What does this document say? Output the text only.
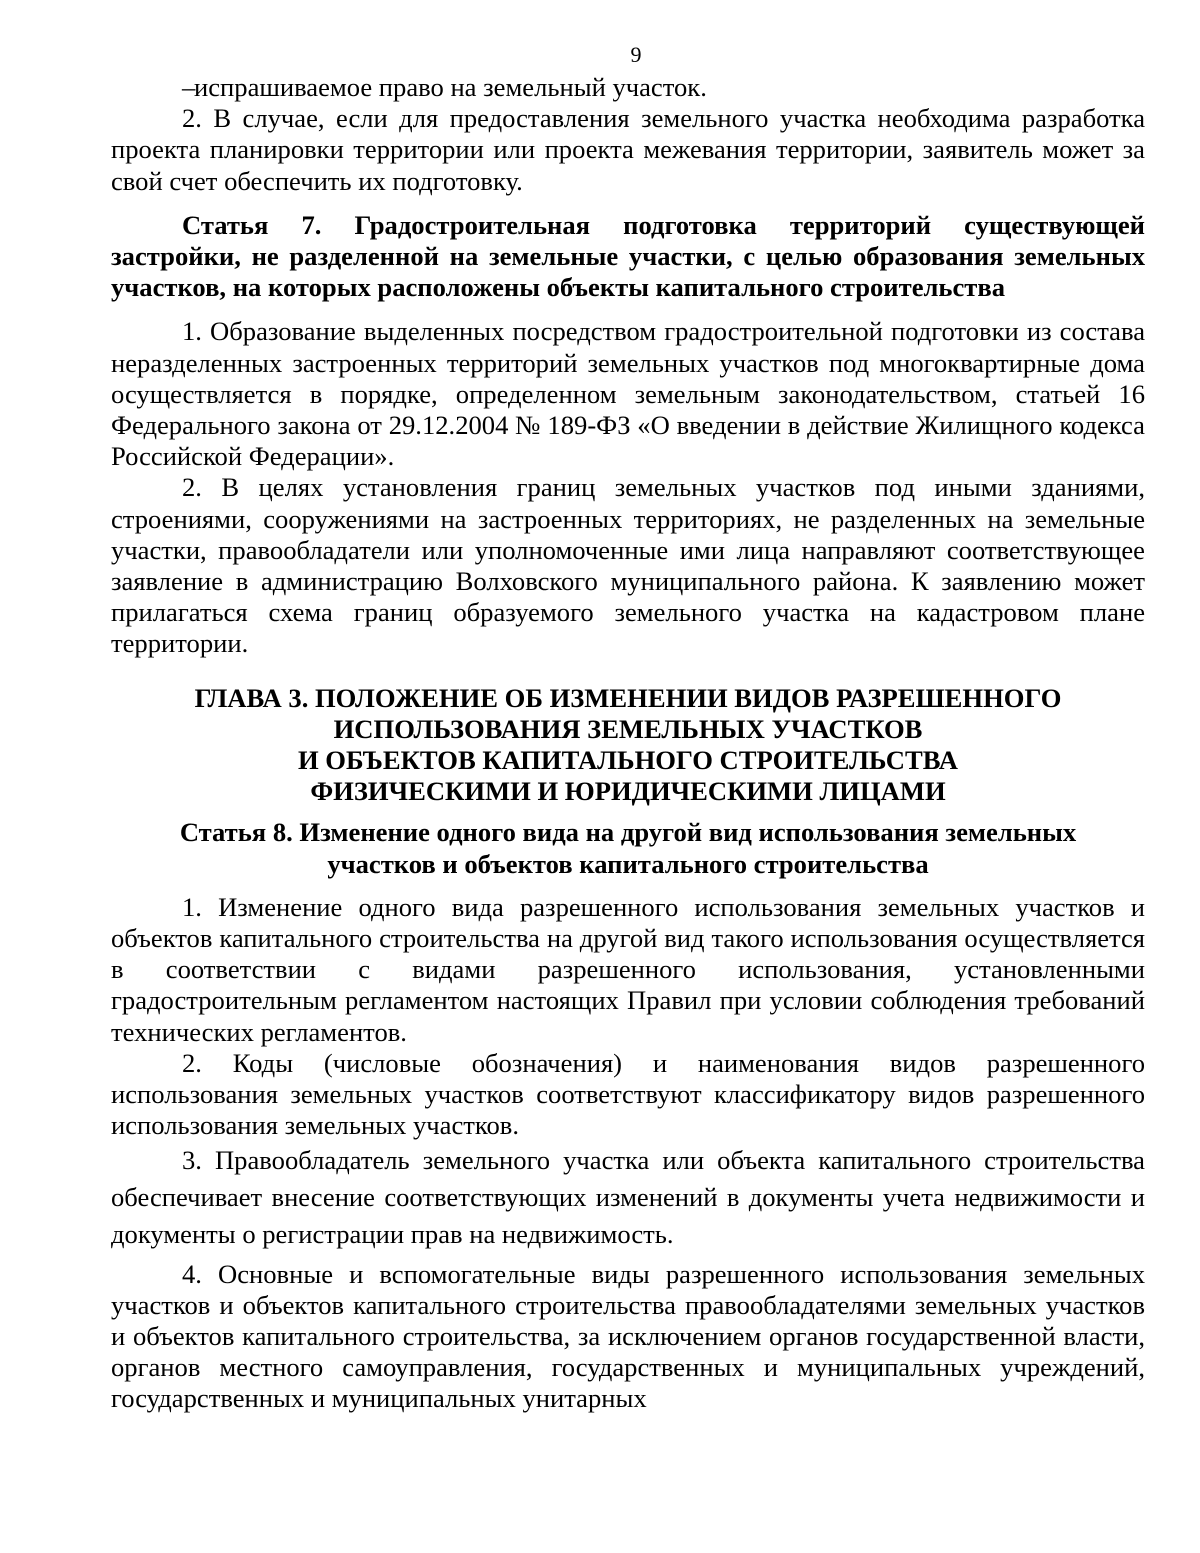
9

–
испрашиваемое право на земельный участок.

2. В случае, если для предоставления земельного участка необходима разработка проекта планировки территории или проекта межевания территории, заявитель может за свой счет обеспечить их подготовку.

Статья 7. Градостроительная подготовка территорий существующей застройки, не разделенной на земельные участки, с целью образования земельных участков, на которых расположены объекты капитального строительства

1. Образование выделенных посредством градостроительной подготовки из состава неразделенных застроенных территорий земельных участков под многоквартирные дома осуществляется в порядке, определенном земельным законодательством, статьей 16 Федерального закона от 29.12.2004 № 189-ФЗ «О введении в действие Жилищного кодекса Российской Федерации».

2. В целях установления границ земельных участков под иными зданиями, строениями, сооружениями на застроенных территориях, не разделенных на земельные участки, правообладатели или уполномоченные ими лица направляют соответствующее заявление в администрацию Волховского муниципального района. К заявлению может прилагаться схема границ образуемого земельного участка на кадастровом плане территории.

ГЛАВА 3. ПОЛОЖЕНИЕ ОБ ИЗМЕНЕНИИ ВИДОВ РАЗРЕШЕННОГО
ИСПОЛЬЗОВАНИЯ ЗЕМЕЛЬНЫХ УЧАСТКОВ
И ОБЪЕКТОВ КАПИТАЛЬНОГО СТРОИТЕЛЬСТВА
ФИЗИЧЕСКИМИ И ЮРИДИЧЕСКИМИ ЛИЦАМИ

Статья 8. Изменение одного вида на другой вид использования земельных
участков и объектов капитального строительства

1. Изменение одного вида разрешенного использования земельных участков и объектов капитального строительства на другой вид такого использования осуществляется в соответствии с видами разрешенного использования, установленными градостроительным регламентом настоящих Правил при условии соблюдения требований технических регламентов.

2. Коды (числовые обозначения) и наименования видов разрешенного использования земельных участков соответствуют классификатору видов разрешенного использования земельных участков.

3. Правообладатель земельного участка или объекта капитального строительства обеспечивает внесение соответствующих изменений в документы учета недвижимости и документы о регистрации прав на недвижимость.

4. Основные и вспомогательные виды разрешенного использования земельных участков и объектов капитального строительства правообладателями земельных участков и объектов капитального строительства, за исключением органов государственной власти, органов местного самоуправления, государственных и муниципальных учреждений, государственных и муниципальных унитарных
